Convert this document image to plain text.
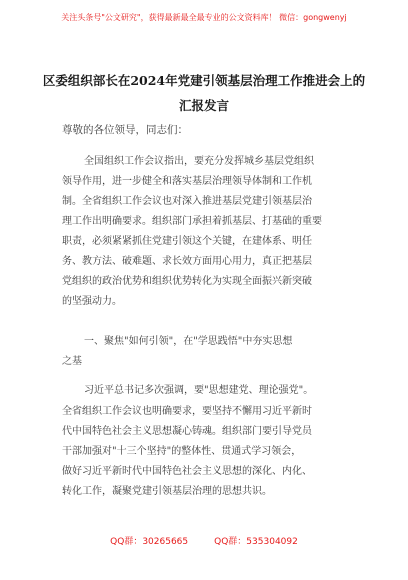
关注头条号"公文研究"，获得最新最全最专业的公文资料库！ 微信：gongwenyj
区委组织部长在2024年党建引领基层治理工作推进会上的
汇报发言
尊敬的各位领导，同志们：
全国组织工作会议指出，要充分发挥城乡基层党组织
领导作用，进一步健全和落实基层治理领导体制和工作机
制。全省组织工作会议也对深入推进基层党建引领基层治
理工作出明确要求。组织部门承担着抓基层、打基础的重要
职责，必须紧紧抓住党建引领这个关键，在建体系、明任
务、教方法、破难题、求长效方面用心用力，真正把基层
党组织的政治优势和组织优势转化为实现全面振兴新突破
的坚强动力。
一、聚焦"如何引领"，在"学思践悟"中夯实思想
之基
习近平总书记多次强调，要"思想建党、理论强党"。
全省组织工作会议也明确要求，要坚持不懈用习近平新时
代中国特色社会主义思想凝心铸魂。组织部门要引导党员
干部加强对"十三个坚持"的整体性、贯通式学习领会，
做好习近平新时代中国特色社会主义思想的深化、内化、
转化工作，凝聚党建引领基层治理的思想共识。
QQ群：30265665	QQ群：535304092
